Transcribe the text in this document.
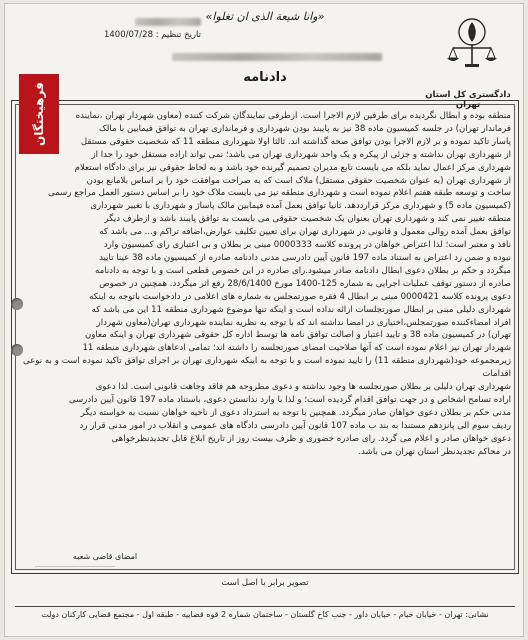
«وانا شیعة الذی ان تغلوا»
دادگستری کل استان تهران
تاریخ تنظیم : 1400/07/28
دادنامه
فرهیختگان	منطقه بوده و ابطال نگردیده برای طرفین لازم الاجرا است. ازطرفی نمایندگان شرکت کننده (معاون شهردار تهران ،نماینده

فرماندار تهران) در جلسه کمیسیون ماده 38 نیز به پایبند بودن شهرداری و فرمانداری تهران به توافق فیمابین با مالک

پاسار تاکید نموده و بر لازم الاجرا بودن توافق صحه گذاشته اند. ثالثا اولا شهرداری منطقه 11 که شخصیت حقوقی مستقل

از شهرداری تهران نداشته و جزئی از پیکره و یک واحد شهرداری تهران می باشد؛ نمی تواند اراده مستقل خود را جدا از

شهرداری مرکز اعمال نماید بلکه می بایست تابع مدیران تصمیم گیرنده خود باشد و به لحاظ حقوقی نیز برای دادگاه استعلام

از شهرداری تهران (به عنوان شخصیت حقوقی مستقل) ملاک است که به صراحت موافقت خود را بر اساس بلامانع بودن

ساخت و توسعه طبقه هفتم اعلام نموده است و شهرداری منطقه نیز می بایست ملاک خود را بر اساس دستور العمل مراجع رسمی

(کمیسیون ماده 5) و شهرداری مرکز قرارددهد. ثانیا توافق بعمل آمده فیمابین مالک پاساژ و شهرداری با تغییر شهرداری

منطقه تغییر نمی کند و شهرداری تهران بعنوان یک شخصیت حقوقی می بایست به توافق پایبند باشد و ازطرف دیگر

توافق بعمل آمده روالی معمول و قانونی در شهرداری تهران برای تعیین تکلیف عوارض،اضافه تراکم و... می باشد که

نافذ و معتبر است؛ لذا اعتراض خواهان در پرونده کلاسه 0000333 مبنی بر بطلان و بی اعتباری رای کمیسیون وارد

نبوده و ضمن رد اعتراض به استناد ماده 197 قانون آیین دادرسی مدنی دادنامه صادره از کمیسیون ماده 38 عینا تایید

میگردد و حکم بر بطلان دعوی ابطال دادنامه صادر میشود.رای صادره در این خصوص قطعی است و با توجه به دادنامه

صادره از دستور توقف عملیات اجرایی به شماره 125-1400 مورخ 28/6/1400 رفع اثر میگردد. همچنین در خصوص

دعوی پرونده کلاسه 0000421 مبنی بر ابطال 4 فقره صورتمجلس به شماره های اعلامی در دادخواست باتوجه به اینکه

شهرداری دلیلی مبنی بر ابطال صورتجلسات ارائه نداده است و اینکه تنها موضوع شهرداری منطقه 11 این می باشد که

افراد امضاءکننده صورتمجلس،اختیاری در امضا نداشته اند که با توجه به نظریه نماینده شهرداری تهران(معاون شهردار

تهران) در کمیسیون ماده 38 و تایید اعتبار و اصالت توافق نامه ها توسط اداره کل حقوقی شهرداری تهران و اینکه معاون

شهردار تهران نیز اعلام نموده است که آنها صلاحیت امضای صورتجلسه را داشته اند؛ تمامی ادعاهای شهرداری منطقه 11

زیرمجموعه خود(شهرداری منطقه 11) را تایید نموده است و با توجه به اینکه شهرداری تهران بر اجرای توافق تاکید نموده است و به نوعی اقدامات

شهرداری تهران دلیلی بر بطلان صورتجلسه ها وجود نداشته و دعوی مطروحه هم فاقد وجاهت قانونی است. لذا دعوی

اراده تسامح اشخاص و در جهت توافق اقدام گردیده است؛ و لذا با وارد ندانستن دعوی، باستناد ماده 197 قانون آیین دادرسی

مدنی حکم بر بطلان دعوی خواهان صادر میگردد. همچنین با توجه به استرداد دعوی از ناحیه خواهان نسبت به خواسته دیگر

ردیف سوم الی پانزدهم مستندا به بند ب ماده 107 قانون آیین دادرسی دادگاه های عمومی و انقلاب در امور مدنی قرار رد

دعوی خواهان صادر و اعلام می گردد. رای صادره حضوری و ظرف بیست روز از تاریخ ابلاغ قابل تجدیدنظرخواهی

در محاکم تجدیدنظر استان تهران می باشد.

امضای قاضی شعبه
تصویر برابر با اصل است
نشانی: تهران - خیابان خیام - خیابان داور - جنب کاخ گلستان - ساختمان شماره 2 قوه قضاییه - طبقه اول - مجتمع قضایی کارکنان دولت
